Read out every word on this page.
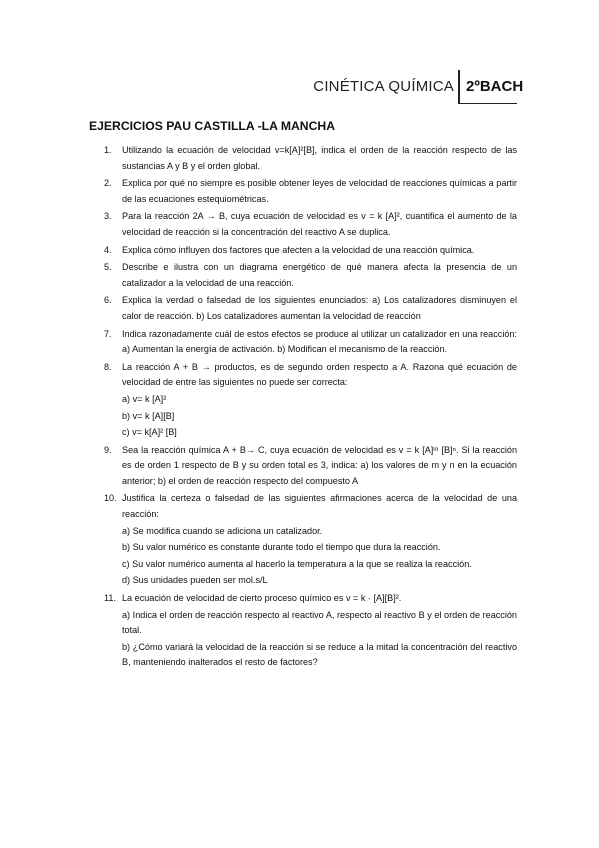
CINÉTICA QUÍMICA 2ºBACH
EJERCICIOS PAU CASTILLA -LA MANCHA
1.	Utilizando la ecuación de velocidad v=k[A]²[B], indica el orden de la reacción respecto de las sustancias A y B y el orden global.
2.	Explica por qué no siempre es posible obtener leyes de velocidad de reacciones químicas a partir de las ecuaciones estequiométricas.
3.	Para la reacción 2A → B, cuya ecuación de velocidad es v = k [A]², cuantifica el aumento de la velocidad de reacción si la concentración del reactivo A se duplica.
4.	Explica cómo influyen dos factores que afecten a la velocidad de una reacción química.
5.	Describe e ilustra con un diagrama energético de qué manera afecta la presencia de un catalizador a la velocidad de una reacción.
6.	Explica la verdad o falsedad de los siguientes enunciados: a) Los catalizadores disminuyen el calor de reacción. b) Los catalizadores aumentan la velocidad de reacción
7.	Indica razonadamente cuál de estos efectos se produce al utilizar un catalizador en una reacción: a) Aumentan la energía de activación. b) Modifican el mecanismo de la reacción.
8.	La reacción A + B → productos, es de segundo orden respecto a A. Razona qué ecuación de velocidad de entre las siguientes no puede ser correcta:
a) v= k [A]²
b) v= k [A][B]
c) v= k[A]² [B]
9.	Sea la reacción química A + B→ C, cuya ecuación de velocidad es v = k [A]ᵐ [B]ⁿ. Si la reacción es de orden 1 respecto de B y su orden total es 3, indica: a) los valores de m y n en la ecuación anterior; b) el orden de reacción respecto del compuesto A
10. Justifica la certeza o falsedad de las siguientes afirmaciones acerca de la velocidad de una reacción:
a) Se modifica cuando se adiciona un catalizador.
b) Su valor numérico es constante durante todo el tiempo que dura la reacción.
c) Su valor numérico aumenta al hacerlo la temperatura a la que se realiza la reacción.
d) Sus unidades pueden ser mol.s/L
11. La ecuación de velocidad de cierto proceso químico es v = k · [A][B]².
a) Indica el orden de reacción respecto al reactivo A, respecto al reactivo B y el orden de reacción total.
b) ¿Cómo variará la velocidad de la reacción si se reduce a la mitad la concentración del reactivo B, manteniendo inalterados el resto de factores?
